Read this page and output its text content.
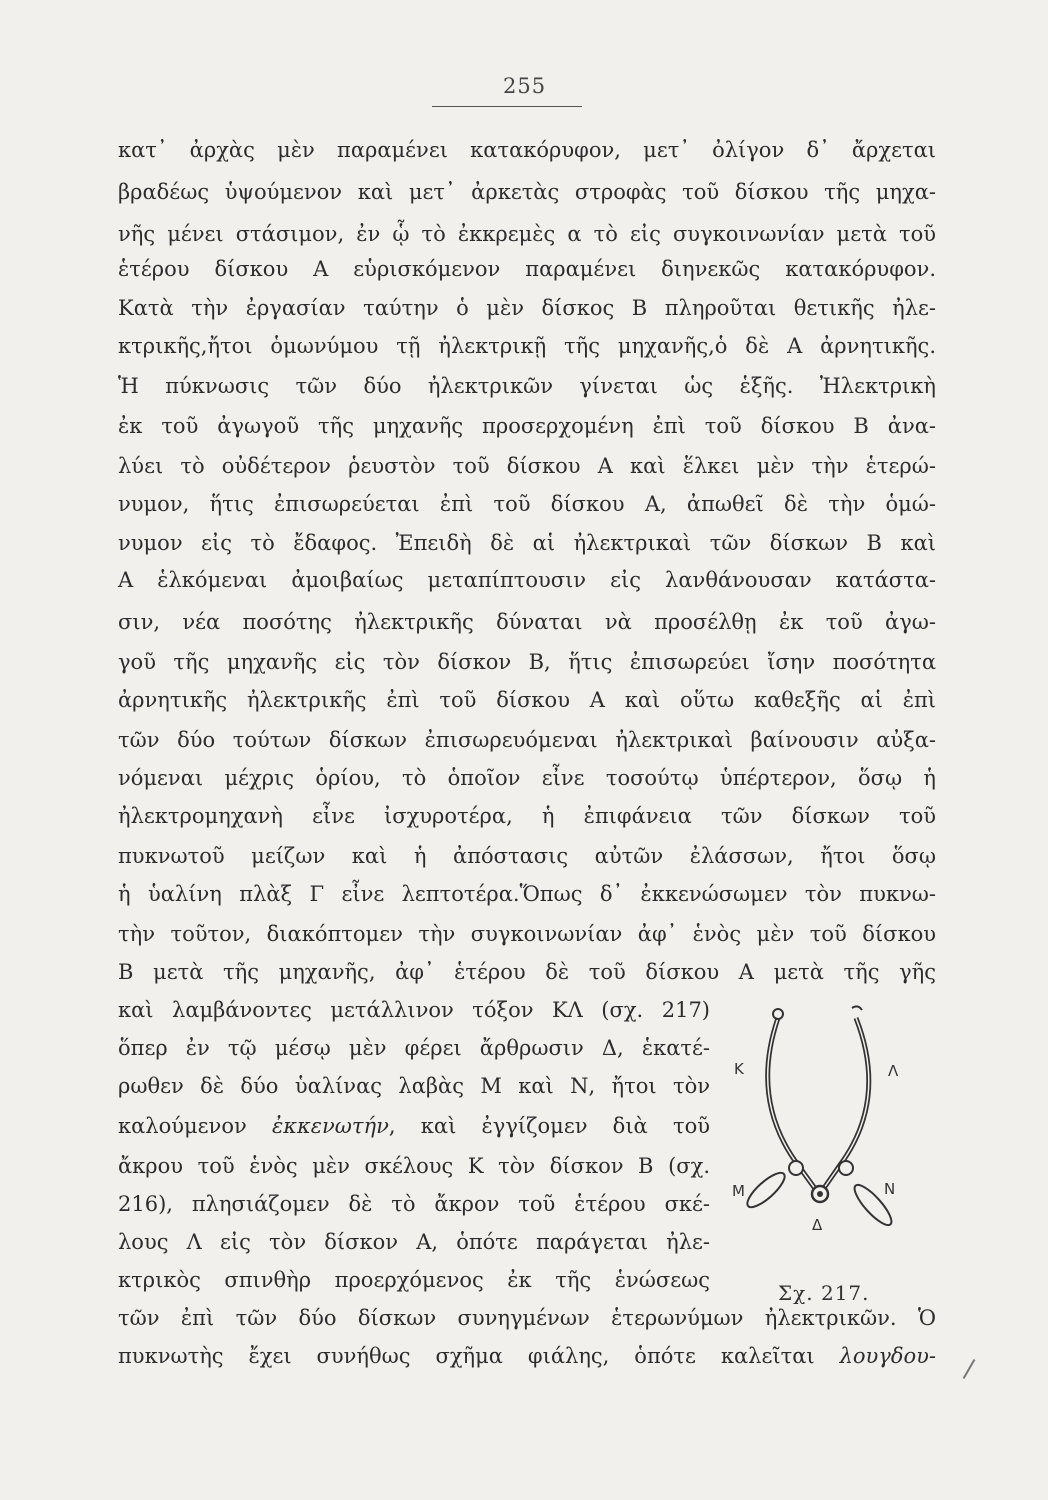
255
κατ᾽ ἀρχὰς μὲν παραμένει κατακόρυφον, μετ᾽ ὀλίγον δ᾽ ἄρχεται
βραδέως ὑψούμενον καὶ μετ᾽ ἀρκετὰς στροφὰς τοῦ δίσκου τῆς μηχα-
νῆς μένει στάσιμον, ἐν ᾧ τὸ ἐκκρεμὲς α τὸ εἰς συγκοινωνίαν μετὰ τοῦ
ἑτέρου δίσκου Α εὑρισκόμενον παραμένει διηνεκῶς κατακόρυφον.
Κατὰ τὴν ἐργασίαν ταύτην ὁ μὲν δίσκος Β πληροῦται θετικῆς ἠλε-
κτρικῆς,ἤτοι ὁμωνύμου τῇ ἠλεκτρικῇ τῆς μηχανῆς,ὁ δὲ Α ἀρνητικῆς.
Ἡ πύκνωσις τῶν δύο ἠλεκτρικῶν γίνεται ὡς ἑξῆς. Ἠλεκτρικὴ
ἐκ τοῦ ἀγωγοῦ τῆς μηχανῆς προσερχομένη ἐπὶ τοῦ δίσκου Β ἀνα-
λύει τὸ οὐδέτερον ῥευστὸν τοῦ δίσκου Α καὶ ἕλκει μὲν τὴν ἑτερώ-
νυμον, ἥτις ἐπισωρεύεται ἐπὶ τοῦ δίσκου Α, ἀπωθεῖ δὲ τὴν ὁμώ-
νυμον εἰς τὸ ἔδαφος. Ἐπειδὴ δὲ αἱ ἠλεκτρικαὶ τῶν δίσκων Β καὶ
Α ἑλκόμεναι ἀμοιβαίως μεταπίπτουσιν εἰς λανθάνουσαν κατάστα-
σιν, νέα ποσότης ἠλεκτρικῆς δύναται νὰ προσέλθῃ ἐκ τοῦ ἀγω-
γοῦ τῆς μηχανῆς εἰς τὸν δίσκον Β, ἥτις ἐπισωρεύει ἴσην ποσότητα
ἀρνητικῆς ἠλεκτρικῆς ἐπὶ τοῦ δίσκου Α καὶ οὕτω καθεξῆς αἱ ἐπὶ
τῶν δύο τούτων δίσκων ἐπισωρευόμεναι ἠλεκτρικαὶ βαίνουσιν αὐξα-
νόμεναι μέχρις ὁρίου, τὸ ὁποῖον εἶνε τοσούτῳ ὑπέρτερον, ὅσῳ ἡ
ἠλεκτρομηχανὴ εἶνε ἰσχυροτέρα, ἡ ἐπιφάνεια τῶν δίσκων τοῦ
πυκνωτοῦ μείζων καὶ ἡ ἀπόστασις αὐτῶν ἐλάσσων, ἤτοι ὅσῳ
ἡ ὑαλίνη πλὰξ Γ εἶνε λεπτοτέρα.Ὅπως δ᾽ ἐκκενώσωμεν τὸν πυκνω-
τὴν τοῦτον, διακόπτομεν τὴν συγκοινωνίαν ἀφ᾽ ἑνὸς μὲν τοῦ δίσκου
Β μετὰ τῆς μηχανῆς, ἀφ᾽ ἑτέρου δὲ τοῦ δίσκου Α μετὰ τῆς γῆς
καὶ λαμβάνοντες μετάλλινον τόξον ΚΛ (σχ. 217)
ὅπερ ἐν τῷ μέσῳ μὲν φέρει ἄρθρωσιν Δ, ἑκατέ-
ρωθεν δὲ δύο ὑαλίνας λαβὰς Μ καὶ Ν, ἤτοι τὸν
καλούμενον ἐκκενωτήν, καὶ ἐγγίζομεν διὰ τοῦ
ἄκρου τοῦ ἑνὸς μὲν σκέλους Κ τὸν δίσκον Β (σχ.
216), πλησιάζομεν δὲ τὸ ἄκρον τοῦ ἑτέρου σκέ-
λους Λ εἰς τὸν δίσκον Α, ὁπότε παράγεται ἠλε-
κτρικὸς σπινθὴρ προερχόμενος ἐκ τῆς ἑνώσεως
τῶν ἐπὶ τῶν δύο δίσκων συνηγμένων ἑτερωνύμων ἠλεκτρικῶν. Ὁ
πυκνωτὴς ἔχει συνήθως σχῆμα φιάλης, ὁπότε καλεῖται λουγδου-
Κ	Λ
Μ	Ν
Δ
Σχ. 217.
